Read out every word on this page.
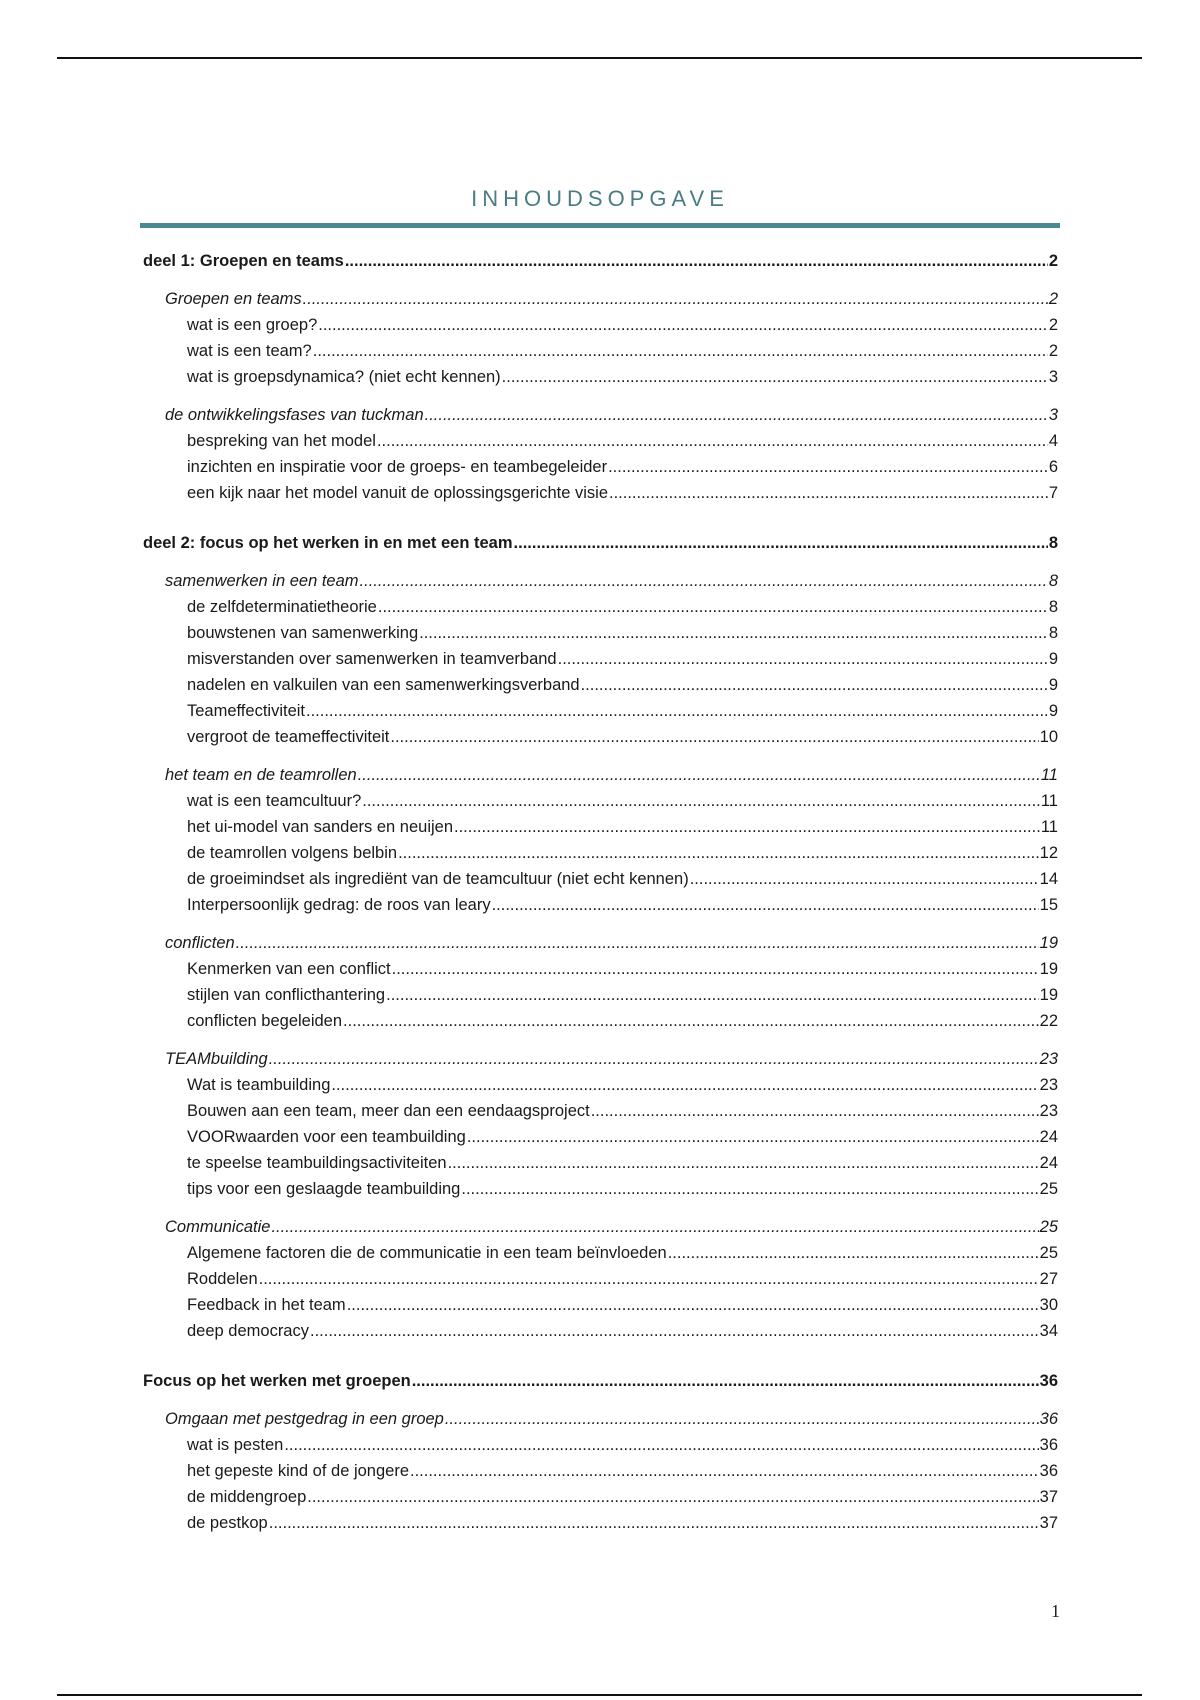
INHOUDSOPGAVE
deel 1: Groepen en teams .....	2
Groepen en teams .....	2
wat is een groep? .....	2
wat is een team? .....	2
wat is groepsdynamica? (niet echt kennen) .....	3
de ontwikkelingsfases van tuckman .....	3
bespreking van het model .....	4
inzichten en inspiratie voor de groeps- en teambegeleider .....	6
een kijk naar het model vanuit de oplossingsgerichte visie .....	7
deel 2: focus op het werken in en met een team .....	8
samenwerken in een team .....	8
de zelfdeterminatietheorie .....	8
bouwstenen van samenwerking .....	8
misverstanden over samenwerken in teamverband .....	9
nadelen en valkuilen van een samenwerkingsverband .....	9
Teameffectiviteit .....	9
vergroot de teameffectiviteit .....	10
het team en de teamrollen .....	11
wat is een teamcultuur? .....	11
het ui-model van sanders en neuijen .....	11
de teamrollen volgens belbin .....	12
de groeimindset als ingrediënt van de teamcultuur (niet echt kennen) .....	14
Interpersoonlijk gedrag: de roos van leary .....	15
conflicten .....	19
Kenmerken van een conflict .....	19
stijlen van conflicthantering .....	19
conflicten begeleiden .....	22
TEAMbuilding .....	23
Wat is teambuilding .....	23
Bouwen aan een team, meer dan een eendaagsproject .....	23
VOORwaarden voor een teambuilding .....	24
te speelse teambuildingsactiviteiten .....	24
tips voor een geslaagde teambuilding .....	25
Communicatie .....	25
Algemene factoren die de communicatie in een team beïnvloeden .....	25
Roddelen .....	27
Feedback in het team .....	30
deep democracy .....	34
Focus op het werken met groepen .....	36
Omgaan met pestgedrag in een groep .....	36
wat is pesten .....	36
het gepeste kind of de jongere .....	36
de middengroep .....	37
de pestkop .....	37
1
